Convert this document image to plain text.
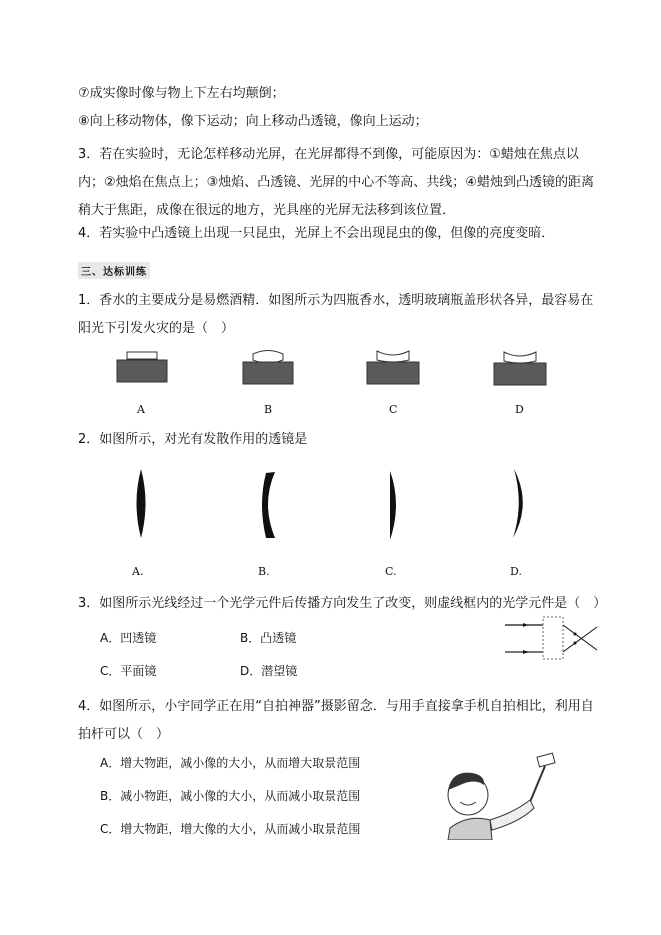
⑦成实像时像与物上下左右均颠倒；
⑧向上移动物体，像下运动；向上移动凸透镜，像向上运动；
3．若在实验时，无论怎样移动光屏，在光屏都得不到像，可能原因为：①蜡烛在焦点以内；②烛焰在焦点上；③烛焰、凸透镜、光屏的中心不等高、共线；④蜡烛到凸透镜的距离稍大于焦距，成像在很远的地方，光具座的光屏无法移到该位置．
4．若实验中凸透镜上出现一只昆虫，光屏上不会出现昆虫的像，但像的亮度变暗．
三、达标训练
1．香水的主要成分是易燃酒精．如图所示为四瓶香水，透明玻璃瓶盖形状各异，最容易在阳光下引发火灾的是（　）
A	B	C	D
2．如图所示，对光有发散作用的透镜是
A.	B.	C.	D.
3．如图所示光线经过一个光学元件后传播方向发生了改变，则虚线框内的光学元件是（　）
A．凹透镜	B．凸透镜
C．平面镜	D．潜望镜
4．如图所示，小宇同学正在用“自拍神器”摄影留念．与用手直接拿手机自拍相比，利用自拍杆可以（　）
A．增大物距，减小像的大小，从而增大取景范围
B．减小物距，减小像的大小，从而减小取景范围
C．增大物距，增大像的大小，从而减小取景范围
